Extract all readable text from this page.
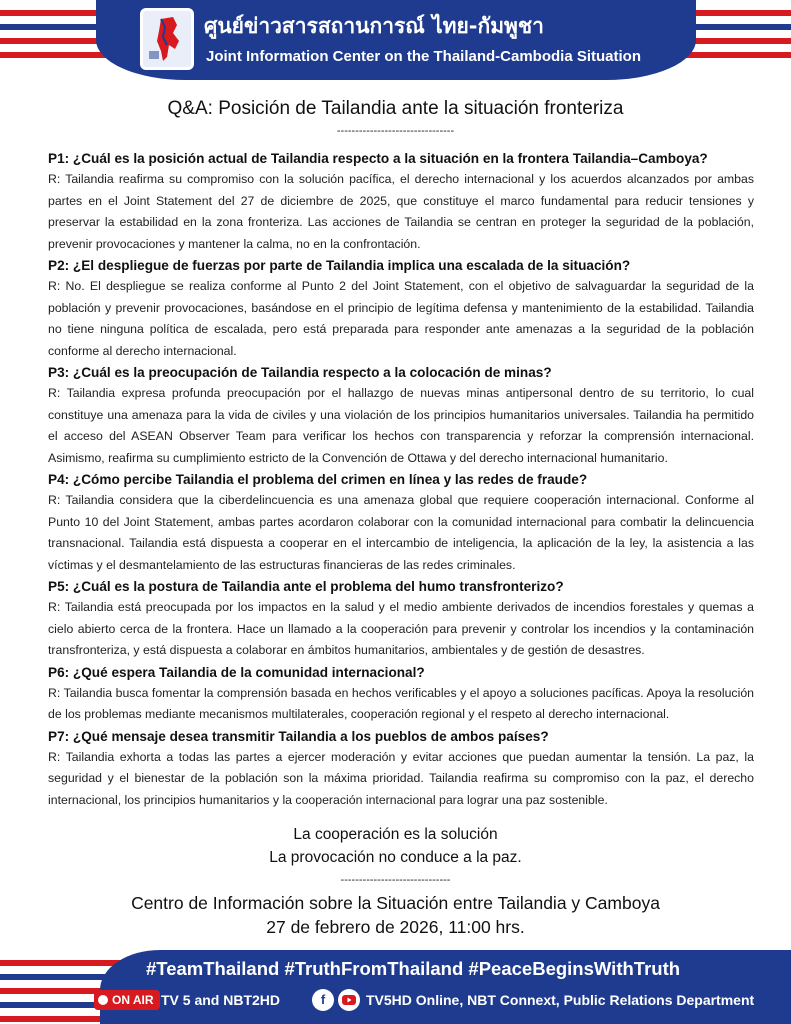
ศูนย์ข่าวสารสถานการณ์ ไทย-กัมพูชา
Joint Information Center on the Thailand-Cambodia Situation
Q&A: Posición de Tailandia ante la situación fronteriza
--------------------------------
P1: ¿Cuál es la posición actual de Tailandia respecto a la situación en la frontera Tailandia–Camboya?
R: Tailandia reafirma su compromiso con la solución pacífica, el derecho internacional y los acuerdos alcanzados por ambas partes en el Joint Statement del 27 de diciembre de 2025, que constituye el marco fundamental para reducir tensiones y preservar la estabilidad en la zona fronteriza. Las acciones de Tailandia se centran en proteger la seguridad de la población, prevenir provocaciones y mantener la calma, no en la confrontación.
P2: ¿El despliegue de fuerzas por parte de Tailandia implica una escalada de la situación?
R: No. El despliegue se realiza conforme al Punto 2 del Joint Statement, con el objetivo de salvaguardar la seguridad de la población y prevenir provocaciones, basándose en el principio de legítima defensa y mantenimiento de la estabilidad. Tailandia no tiene ninguna política de escalada, pero está preparada para responder ante amenazas a la seguridad de la población conforme al derecho internacional.
P3: ¿Cuál es la preocupación de Tailandia respecto a la colocación de minas?
R: Tailandia expresa profunda preocupación por el hallazgo de nuevas minas antipersonal dentro de su territorio, lo cual constituye una amenaza para la vida de civiles y una violación de los principios humanitarios universales. Tailandia ha permitido el acceso del ASEAN Observer Team para verificar los hechos con transparencia y reforzar la comprensión internacional. Asimismo, reafirma su cumplimiento estricto de la Convención de Ottawa y del derecho internacional humanitario.
P4: ¿Cómo percibe Tailandia el problema del crimen en línea y las redes de fraude?
R: Tailandia considera que la ciberdelincuencia es una amenaza global que requiere cooperación internacional. Conforme al Punto 10 del Joint Statement, ambas partes acordaron colaborar con la comunidad internacional para combatir la delincuencia transnacional. Tailandia está dispuesta a cooperar en el intercambio de inteligencia, la aplicación de la ley, la asistencia a las víctimas y el desmantelamiento de las estructuras financieras de las redes criminales.
P5: ¿Cuál es la postura de Tailandia ante el problema del humo transfronterizo?
R: Tailandia está preocupada por los impactos en la salud y el medio ambiente derivados de incendios forestales y quemas a cielo abierto cerca de la frontera. Hace un llamado a la cooperación para prevenir y controlar los incendios y la contaminación transfronteriza, y está dispuesta a colaborar en ámbitos humanitarios, ambientales y de gestión de desastres.
P6: ¿Qué espera Tailandia de la comunidad internacional?
R: Tailandia busca fomentar la comprensión basada en hechos verificables y el apoyo a soluciones pacíficas. Apoya la resolución de los problemas mediante mecanismos multilaterales, cooperación regional y el respeto al derecho internacional.
P7: ¿Qué mensaje desea transmitir Tailandia a los pueblos de ambos países?
R: Tailandia exhorta a todas las partes a ejercer moderación y evitar acciones que puedan aumentar la tensión. La paz, la seguridad y el bienestar de la población son la máxima prioridad. Tailandia reafirma su compromiso con la paz, el derecho internacional, los principios humanitarios y la cooperación internacional para lograr una paz sostenible.
La cooperación es la solución
La provocación no conduce a la paz.
------------------------------
Centro de Información sobre la Situación entre Tailandia y Camboya
27 de febrero de 2026, 11:00 hrs.
#TeamThailand #TruthFromThailand #PeaceBeginsWithTruth
ON AIR TV 5 and NBT2HD	f	TV5HD Online, NBT Connext, Public Relations Department
